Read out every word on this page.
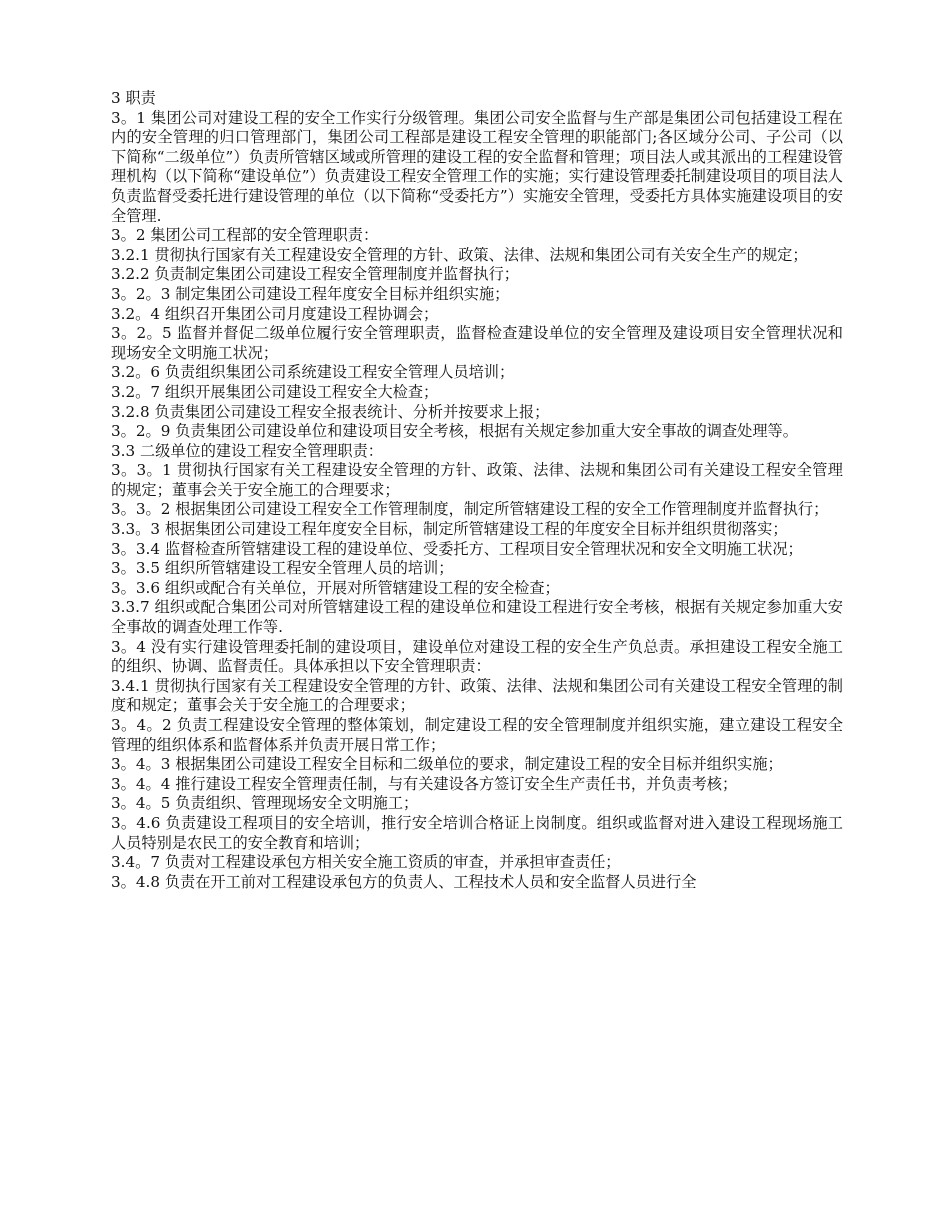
3 职责

3。1 集团公司对建设工程的安全工作实行分级管理。集团公司安全监督与生产部是集团公司包括建设工程在内的安全管理的归口管理部门，集团公司工程部是建设工程安全管理的职能部门;各区域分公司、子公司（以下简称“二级单位”）负责所管辖区域或所管理的建设工程的安全监督和管理；项目法人或其派出的工程建设管理机构（以下简称“建设单位”）负责建设工程安全管理工作的实施；实行建设管理委托制建设项目的项目法人负责监督受委托进行建设管理的单位（以下简称“受委托方”）实施安全管理，受委托方具体实施建设项目的安全管理.

3。2 集团公司工程部的安全管理职责：

3.2.1 贯彻执行国家有关工程建设安全管理的方针、政策、法律、法规和集团公司有关安全生产的规定；

3.2.2 负责制定集团公司建设工程安全管理制度并监督执行；

3。2。3 制定集团公司建设工程年度安全目标并组织实施；

3.2。4 组织召开集团公司月度建设工程协调会；

3。2。5 监督并督促二级单位履行安全管理职责，监督检查建设单位的安全管理及建设项目安全管理状况和现场安全文明施工状况；

3.2。6 负责组织集团公司系统建设工程安全管理人员培训；

3.2。7 组织开展集团公司建设工程安全大检查；

3.2.8 负责集团公司建设工程安全报表统计、分析并按要求上报；

3。2。9 负责集团公司建设单位和建设项目安全考核，根据有关规定参加重大安全事故的调查处理等。

3.3 二级单位的建设工程安全管理职责：

3。3。1 贯彻执行国家有关工程建设安全管理的方针、政策、法律、法规和集团公司有关建设工程安全管理的规定；董事会关于安全施工的合理要求；

3。3。2 根据集团公司建设工程安全工作管理制度，制定所管辖建设工程的安全工作管理制度并监督执行；

3.3。3 根据集团公司建设工程年度安全目标，制定所管辖建设工程的年度安全目标并组织贯彻落实；

3。3.4 监督检查所管辖建设工程的建设单位、受委托方、工程项目安全管理状况和安全文明施工状况；

3。3.5 组织所管辖建设工程安全管理人员的培训；

3。3.6 组织或配合有关单位，开展对所管辖建设工程的安全检查；

3.3.7 组织或配合集团公司对所管辖建设工程的建设单位和建设工程进行安全考核，根据有关规定参加重大安全事故的调查处理工作等.

3。4 没有实行建设管理委托制的建设项目，建设单位对建设工程的安全生产负总责。承担建设工程安全施工的组织、协调、监督责任。具体承担以下安全管理职责：

3.4.1 贯彻执行国家有关工程建设安全管理的方针、政策、法律、法规和集团公司有关建设工程安全管理的制度和规定；董事会关于安全施工的合理要求；

3。4。2 负责工程建设安全管理的整体策划，制定建设工程的安全管理制度并组织实施，建立建设工程安全管理的组织体系和监督体系并负责开展日常工作；

3。4。3 根据集团公司建设工程安全目标和二级单位的要求，制定建设工程的安全目标并组织实施；

3。4。4 推行建设工程安全管理责任制，与有关建设各方签订安全生产责任书，并负责考核；

3。4。5 负责组织、管理现场安全文明施工；

3。4.6 负责建设工程项目的安全培训，推行安全培训合格证上岗制度。组织或监督对进入建设工程现场施工人员特别是农民工的安全教育和培训；

3.4。7 负责对工程建设承包方相关安全施工资质的审查，并承担审查责任；

3。4.8 负责在开工前对工程建设承包方的负责人、工程技术人员和安全监督人员进行全
